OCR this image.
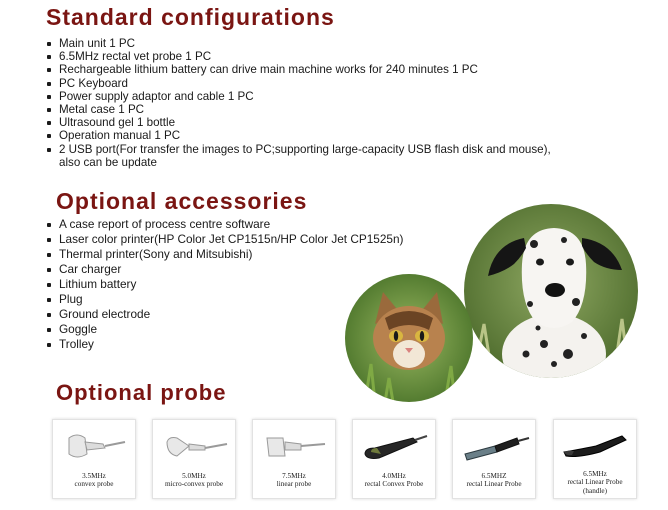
Standard configurations
Main unit 1 PC
6.5MHz rectal vet probe 1 PC
Rechargeable lithium battery can drive main machine works for 240 minutes 1 PC
PC Keyboard
Power supply adaptor and cable 1 PC
Metal case 1 PC
Ultrasound gel 1 bottle
Operation manual 1 PC
2 USB port(For transfer the images to PC;supporting large-capacity USB flash disk and mouse),
also can be update
Optional accessories
A case report of process centre software
Laser color printer(HP Color Jet CP1515n/HP Color Jet CP1525n)
Thermal printer(Sony and Mitsubishi)
Car charger
Lithium battery
Plug
Ground electrode
Goggle
Trolley
Optional probe
3.5MHz
convex probe
5.0MHz
micro-convex probe
7.5MHz
linear probe
4.0MHz
rectal Convex Probe
6.5MHZ
rectal Linear Probe
6.5MHz
rectal Linear Probe
(handle)
